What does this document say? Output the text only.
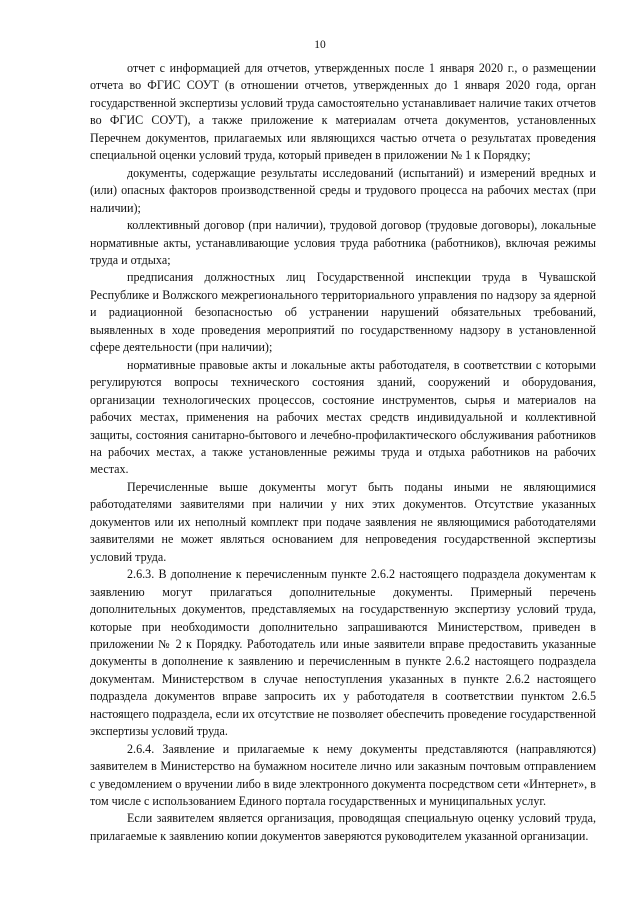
10

отчет с информацией для отчетов, утвержденных после 1 января 2020 г., о размещении отчета во ФГИС СОУТ (в отношении отчетов, утвержденных до 1 января 2020 года, орган государственной экспертизы условий труда самостоятельно устанавливает наличие таких отчетов во ФГИС СОУТ), а также приложение к материалам отчета документов, установленных Перечнем документов, прилагаемых или являющихся частью отчета о результатах проведения специальной оценки условий труда, который приведен в приложении № 1 к Порядку;

документы, содержащие результаты исследований (испытаний) и измерений вредных и (или) опасных факторов производственной среды и трудового процесса на рабочих местах (при наличии);

коллективный договор (при наличии), трудовой договор (трудовые договоры), локальные нормативные акты, устанавливающие условия труда работника (работников), включая режимы труда и отдыха;

предписания должностных лиц Государственной инспекции труда в Чувашской Республике и Волжского межрегионального территориального управления по надзору за ядерной и радиационной безопасностью об устранении нарушений обязательных требований, выявленных в ходе проведения мероприятий по государственному надзору в установленной сфере деятельности (при наличии);

нормативные правовые акты и локальные акты работодателя, в соответствии с которыми регулируются вопросы технического состояния зданий, сооружений и оборудования, организации технологических процессов, состояние инструментов, сырья и материалов на рабочих местах, применения на рабочих местах средств индивидуальной и коллективной защиты, состояния санитарно-бытового и лечебно-профилактического обслуживания работников на рабочих местах, а также установленные режимы труда и отдыха работников на рабочих местах.

Перечисленные выше документы могут быть поданы иными не являющимися работодателями заявителями при наличии у них этих документов. Отсутствие указанных документов или их неполный комплект при подаче заявления не являющимися работодателями заявителями не может являться основанием для непроведения государственной экспертизы условий труда.

2.6.3. В дополнение к перечисленным пункте 2.6.2 настоящего подраздела документам к заявлению могут прилагаться дополнительные документы. Примерный перечень дополнительных документов, представляемых на государственную экспертизу условий труда, которые при необходимости дополнительно запрашиваются Министерством, приведен в приложении № 2 к Порядку. Работодатель или иные заявители вправе предоставить указанные документы в дополнение к заявлению и перечисленным в пункте 2.6.2 настоящего подраздела документам. Министерством в случае непоступления указанных в пункте 2.6.2 настоящего подраздела документов вправе запросить их у работодателя в соответствии пунктом 2.6.5 настоящего подраздела, если их отсутствие не позволяет обеспечить проведение государственной экспертизы условий труда.

2.6.4. Заявление и прилагаемые к нему документы представляются (направляются) заявителем в Министерство на бумажном носителе лично или заказным почтовым отправлением с уведомлением о вручении либо в виде электронного документа посредством сети «Интернет», в том числе с использованием Единого портала государственных и муниципальных услуг.

Если заявителем является организация, проводящая специальную оценку условий труда, прилагаемые к заявлению копии документов заверяются руководителем указанной организации.
